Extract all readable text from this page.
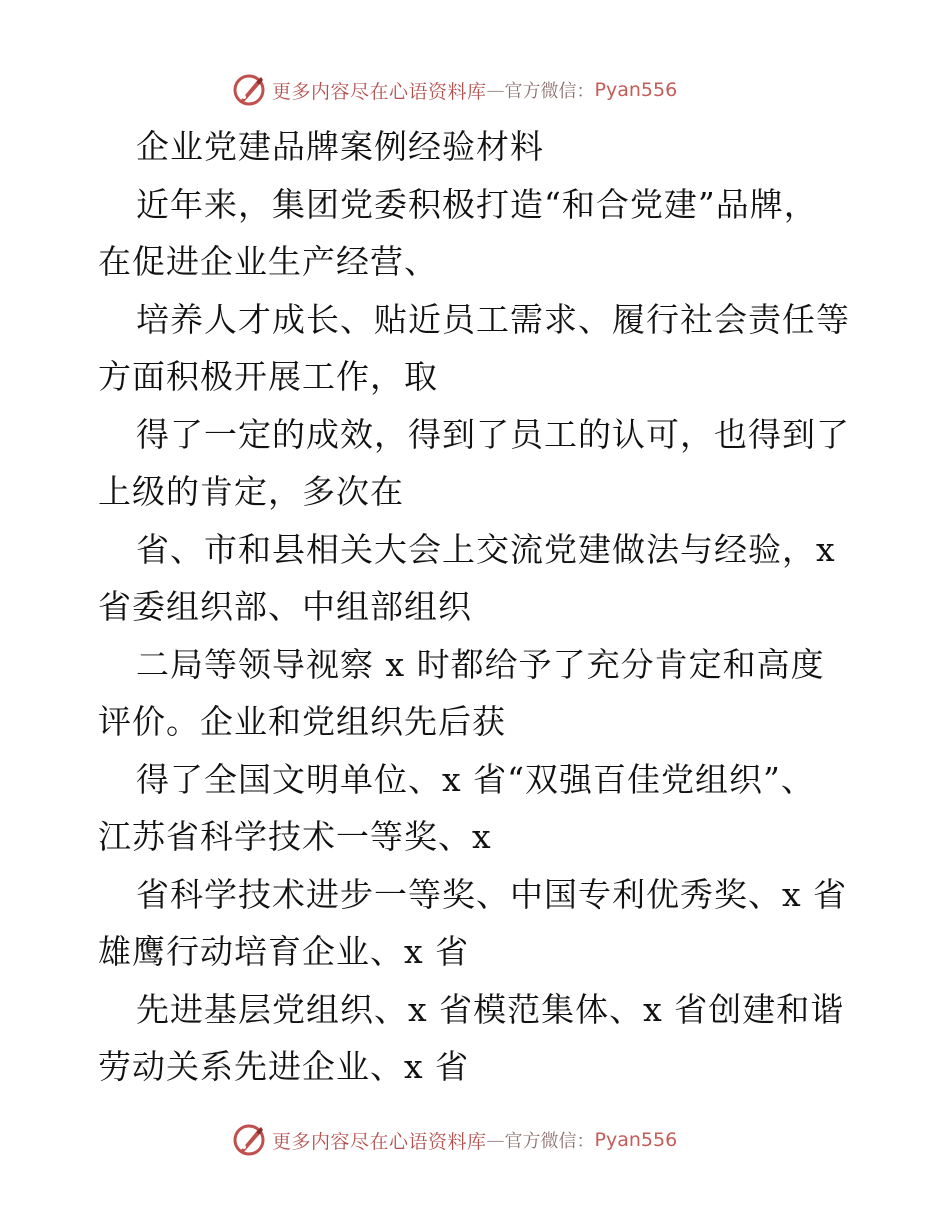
更多内容尽在心语资料库 — 官方微信： Pyan556
企业党建品牌案例经验材料
近年来，集团党委积极打造“和合党建”品牌，
在促进企业生产经营、
培养人才成长、贴近员工需求、履行社会责任等
方面积极开展工作，取
得了一定的成效，得到了员工的认可，也得到了
上级的肯定，多次在
省、市和县相关大会上交流党建做法与经验，x
省委组织部、中组部组织
二局等领导视察 x 时都给予了充分肯定和高度
评价。企业和党组织先后获
得了全国文明单位、x 省“双强百佳党组织”、
江苏省科学技术一等奖、x
省科学技术进步一等奖、中国专利优秀奖、x 省
雄鹰行动培育企业、x 省
先进基层党组织、x 省模范集体、x 省创建和谐
劳动关系先进企业、x 省
更多内容尽在心语资料库 — 官方微信： Pyan556
